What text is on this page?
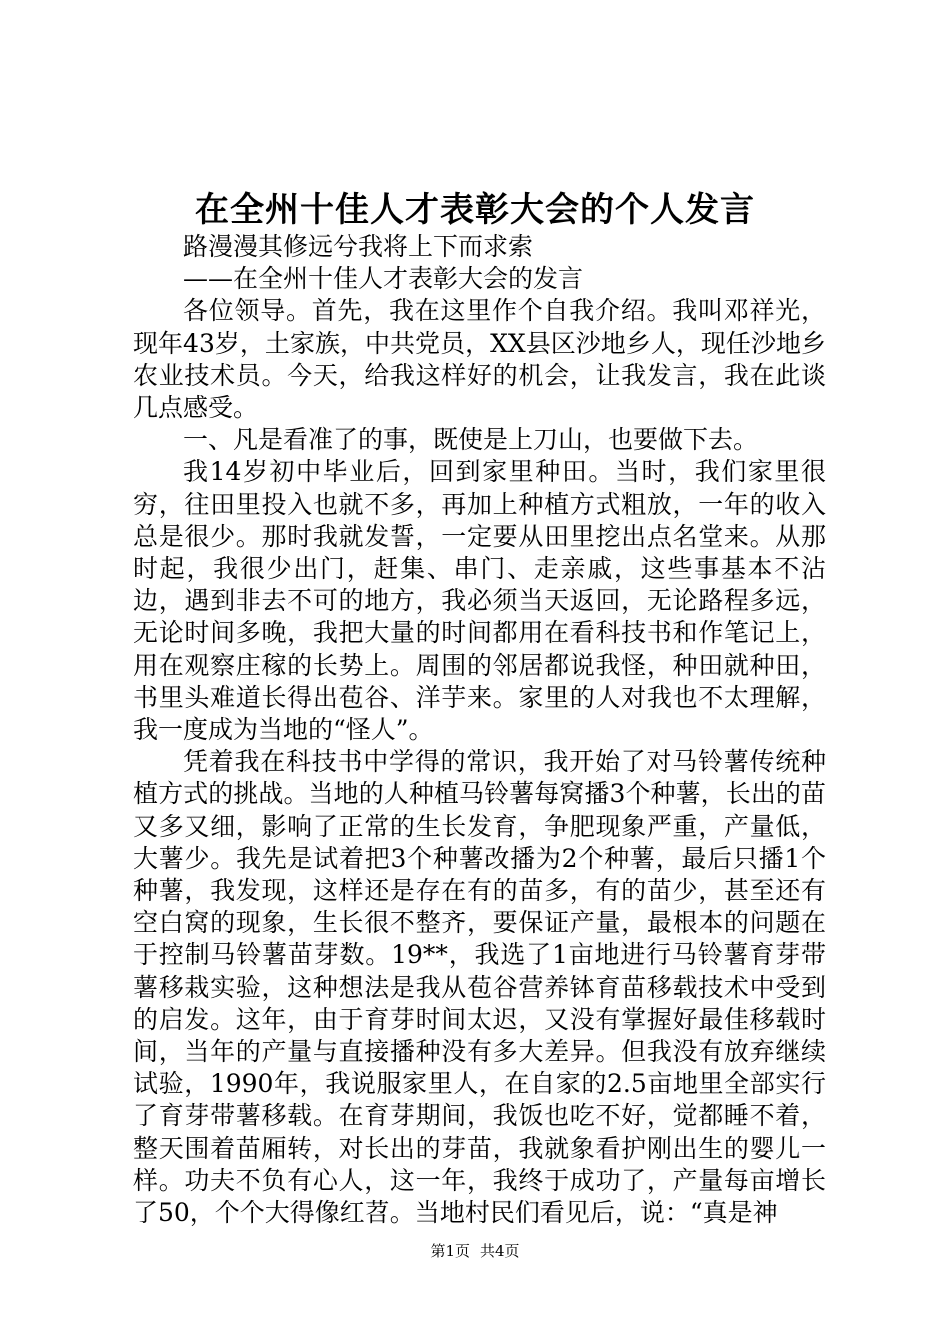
在全州十佳人才表彰大会的个人发言

路漫漫其修远兮我将上下而求索

——在全州十佳人才表彰大会的发言

各位领导。首先，我在这里作个自我介绍。我叫邓祥光，现年43岁，土家族，中共党员，XX县区沙地乡人，现任沙地乡农业技术员。今天，给我这样好的机会，让我发言，我在此谈几点感受。

一、凡是看准了的事，既使是上刀山，也要做下去。

我14岁初中毕业后，回到家里种田。当时，我们家里很穷，往田里投入也就不多，再加上种植方式粗放，一年的收入总是很少。那时我就发誓，一定要从田里挖出点名堂来。从那时起，我很少出门，赶集、串门、走亲戚，这些事基本不沾边，遇到非去不可的地方，我必须当天返回，无论路程多远，无论时间多晚，我把大量的时间都用在看科技书和作笔记上，用在观察庄稼的长势上。周围的邻居都说我怪，种田就种田，书里头难道长得出苞谷、洋芋来。家里的人对我也不太理解，我一度成为当地的“怪人”。

凭着我在科技书中学得的常识，我开始了对马铃薯传统种植方式的挑战。当地的人种植马铃薯每窝播3个种薯，长出的苗又多又细，影响了正常的生长发育，争肥现象严重，产量低，大薯少。我先是试着把3个种薯改播为2个种薯，最后只播1个种薯，我发现，这样还是存在有的苗多，有的苗少，甚至还有空白窝的现象，生长很不整齐，要保证产量，最根本的问题在于控制马铃薯苗芽数。19**，我选了1亩地进行马铃薯育芽带薯移栽实验，这种想法是我从苞谷营养钵育苗移载技术中受到的启发。这年，由于育芽时间太迟，又没有掌握好最佳移载时间，当年的产量与直接播种没有多大差异。但我没有放弃继续试验，1990年，我说服家里人，在自家的2.5亩地里全部实行了育芽带薯移载。在育芽期间，我饭也吃不好，觉都睡不着，整天围着苗厢转，对长出的芽苗，我就象看护刚出生的婴儿一样。功夫不负有心人，这一年，我终于成功了，产量每亩增长了50，个个大得像红苕。当地村民们看见后，说：“真是神

第1页 共4页
